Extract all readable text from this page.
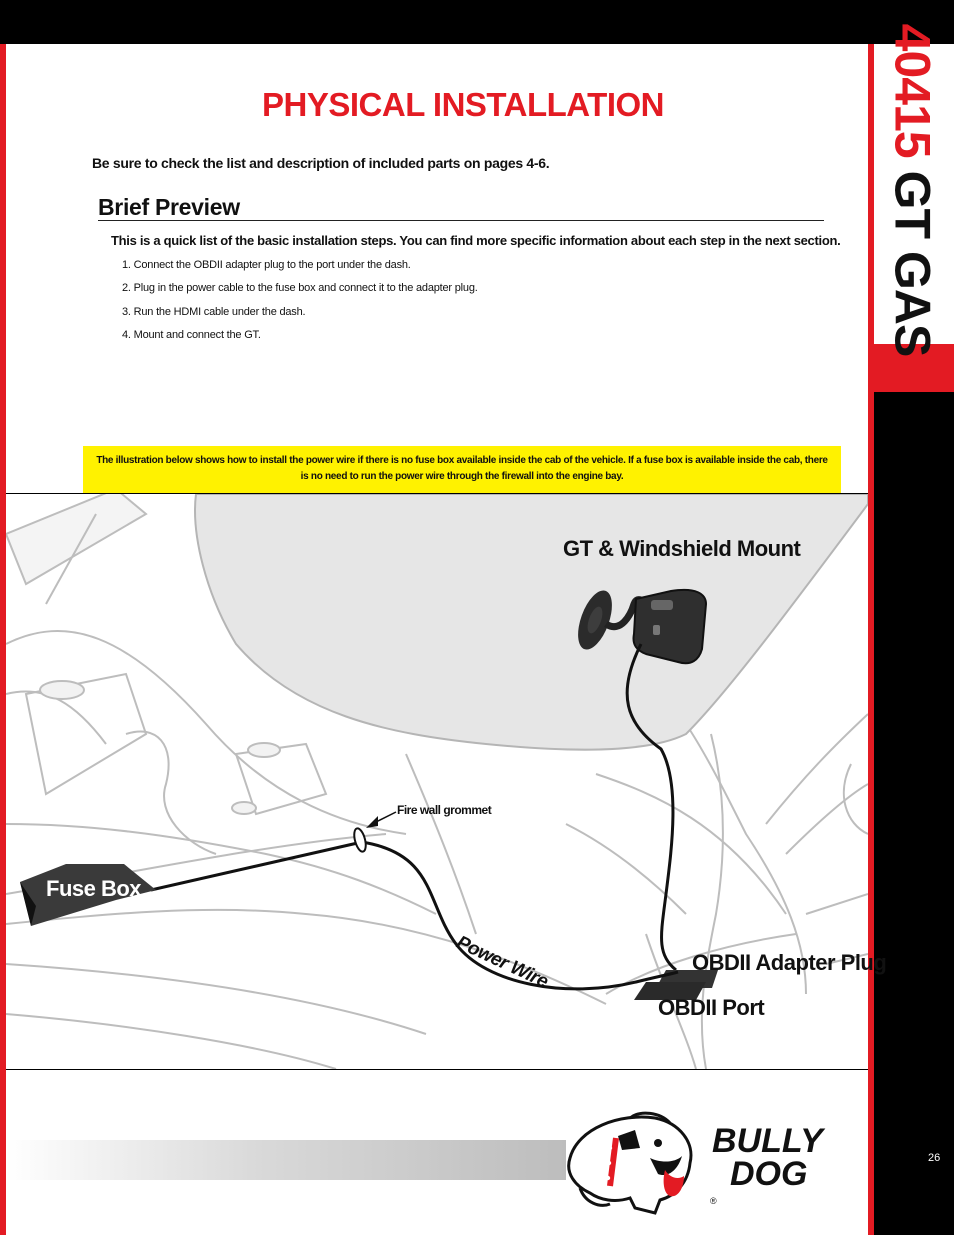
40415 GT GAS
PHYSICAL INSTALLATION
Be sure to check the list and description of included parts on pages 4-6.
Brief Preview
This is a quick list of the basic installation steps. You can find more specific information about each step in the next section.
1. Connect the OBDII adapter plug to the port under the dash.
2. Plug in the power cable to the fuse box and connect it to the adapter plug.
3. Run the HDMI cable under the dash.
4. Mount and connect the GT.
The illustration below shows how to install the power wire if there is no fuse box available inside the cab of the vehicle. If a fuse box is available inside the cab, there
is no need to run the power wire through the firewall into the engine bay.
GT & Windshield Mount
OBDII Adapter Plug
OBDII Port
Fire wall grommet
Fuse Box
Power Wire
BULLY
DOG
®
26
